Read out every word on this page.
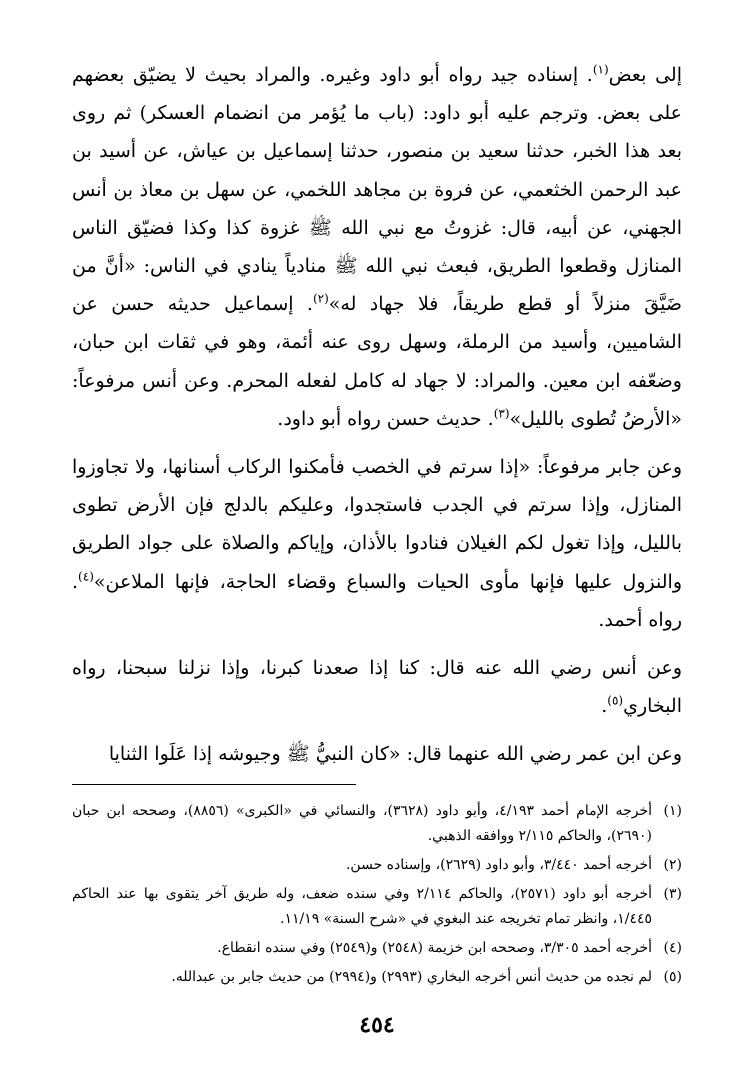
إلى بعض$^{(١)}$. إسناده جيد رواه أبو داود وغيره. والمراد بحيث لا يضيّق بعضهم على بعض. وترجم عليه أبو داود: (باب ما يُؤمر من انضمام العسكر) ثم روى بعد هذا الخبر، حدثنا سعيد بن منصور، حدثنا إسماعيل بن عياش، عن أسيد بن عبد الرحمن الخثعمي، عن فروة بن مجاهد اللخمي، عن سهل بن معاذ بن أنس الجهني، عن أبيه، قال: غزوتُ مع نبي الله ﷺ غزوة كذا وكذا فضيّق الناس المنازل وقطعوا الطريق، فبعث نبي الله ﷺ منادياً ينادي في الناس: «أنَّ من ضَيَّقَ منزلاً أو قطع طريقاً، فلا جهاد له»$^{(٢)}$. إسماعيل حديثه حسن عن الشاميين، وأسيد من الرملة، وسهل روى عنه أئمة، وهو في ثقات ابن حبان، وضعّفه ابن معين. والمراد: لا جهاد له كامل لفعله المحرم. وعن أنس مرفوعاً: «الأرضُ تُطوى بالليل»$^{(٣)}$. حديث حسن رواه أبو داود.

وعن جابر مرفوعاً: «إذا سرتم في الخصب فأمكنوا الركاب أسنانها، ولا تجاوزوا المنازل، وإذا سرتم في الجدب فاستجدوا، وعليكم بالدلج فإن الأرض تطوى بالليل، وإذا تغول لكم الغيلان فنادوا بالأذان، وإياكم والصلاة على جواد الطريق والنزول عليها فإنها مأوى الحيات والسباع وقضاء الحاجة، فإنها الملاعن»$^{(٤)}$. رواه أحمد.

وعن أنس رضي الله عنه قال: كنا إذا صعدنا كبرنا، وإذا نزلنا سبحنا، رواه البخاري$^{(٥)}$.

وعن ابن عمر رضي الله عنهما قال: «كان النبيُّ ﷺ وجيوشه إذا عَلَوا الثنايا

(١)
أخرجه الإمام أحمد ٤/١٩٣، وأبو داود (٣٦٢٨)، والنسائي في «الكبرى» (٨٨٥٦)، وصححه ابن حبان (٢٦٩٠)، والحاكم ٢/١١٥ ووافقه الذهبي.
(٢)
أخرجه أحمد ٣/٤٤٠، وأبو داود (٢٦٢٩)، وإسناده حسن.
(٣)
أخرجه أبو داود (٢٥٧١)، والحاكم ٢/١١٤ وفي سنده ضعف، وله طريق آخر يتقوى بها عند الحاكم ١/٤٤٥، وانظر تمام تخريجه عند البغوي في «شرح السنة» ١١/١٩.
(٤)
أخرجه أحمد ٣/٣٠٥، وصححه ابن خزيمة (٢٥٤٨) و(٢٥٤٩) وفي سنده انقطاع.
(٥)
لم نجده من حديث أنس أخرجه البخاري (٢٩٩٣) و(٢٩٩٤) من حديث جابر بن عبدالله.
٤٥٤
